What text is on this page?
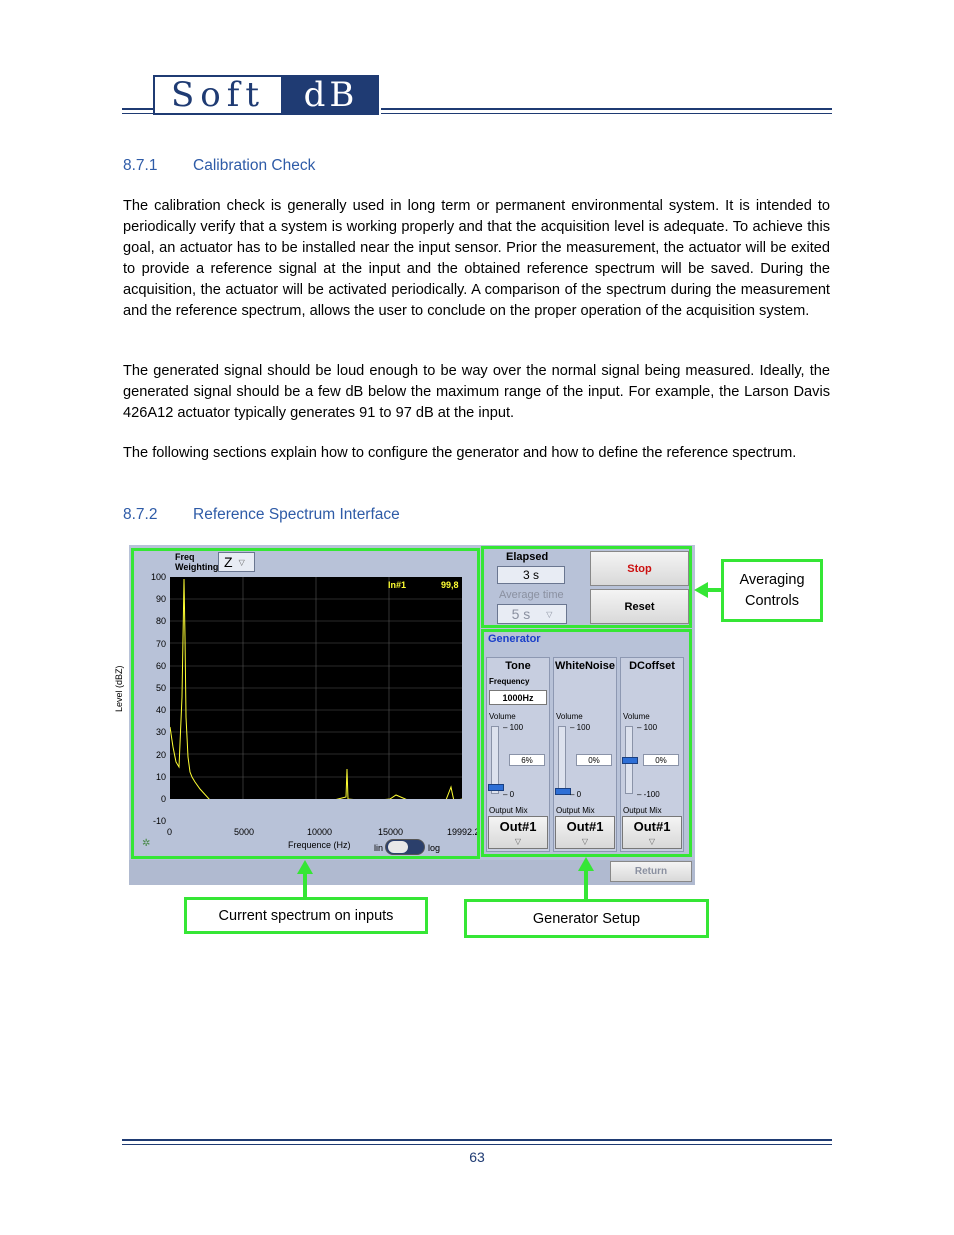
Soft	dB
8.7.1 Calibration Check

The calibration check is generally used in long term or permanent environmental system. It is intended to periodically verify that a system is working properly and that the acquisition level is adequate. To achieve this goal, an actuator has to be installed near the input sensor. Prior the measurement, the actuator will be exited to provide a reference signal at the input and the obtained reference spectrum will be saved. During the acquisition, the actuator will be activated periodically. A comparison of the spectrum during the measurement and the reference spectrum, allows the user to conclude on the proper operation of the acquisition system.

The generated signal should be loud enough to be way over the normal signal being measured. Ideally, the generated signal should be a few dB below the maximum range of the input. For example, the Larson Davis 426A12 actuator typically generates 91 to 97 dB at the input.

The following sections explain how to configure the generator and how to define the reference spectrum.

8.7.2 Reference Spectrum Interface
Freq
Weighting Z ▽
In#1	99,8
100
90
80
70
60
50
40
30
20
10
0
-10
0	5000	10000	15000	19992.2
Level (dBZ)
Frequence (Hz)	lin	log
✲
Elapsed
3 s
Average time
5 s ▽
Stop
Reset
Generator
Tone
Frequency
1000Hz
Volume
– 100
– 0
6%
Output Mix
Out#1
▽
WhiteNoise
Volume
– 100
– 0
0%
Output Mix
Out#1
▽
DCoffset
Volume
– 100
– -100
0%
Output Mix
Out#1
▽
Return
Averaging Controls
Current spectrum on inputs	Generator Setup
63
